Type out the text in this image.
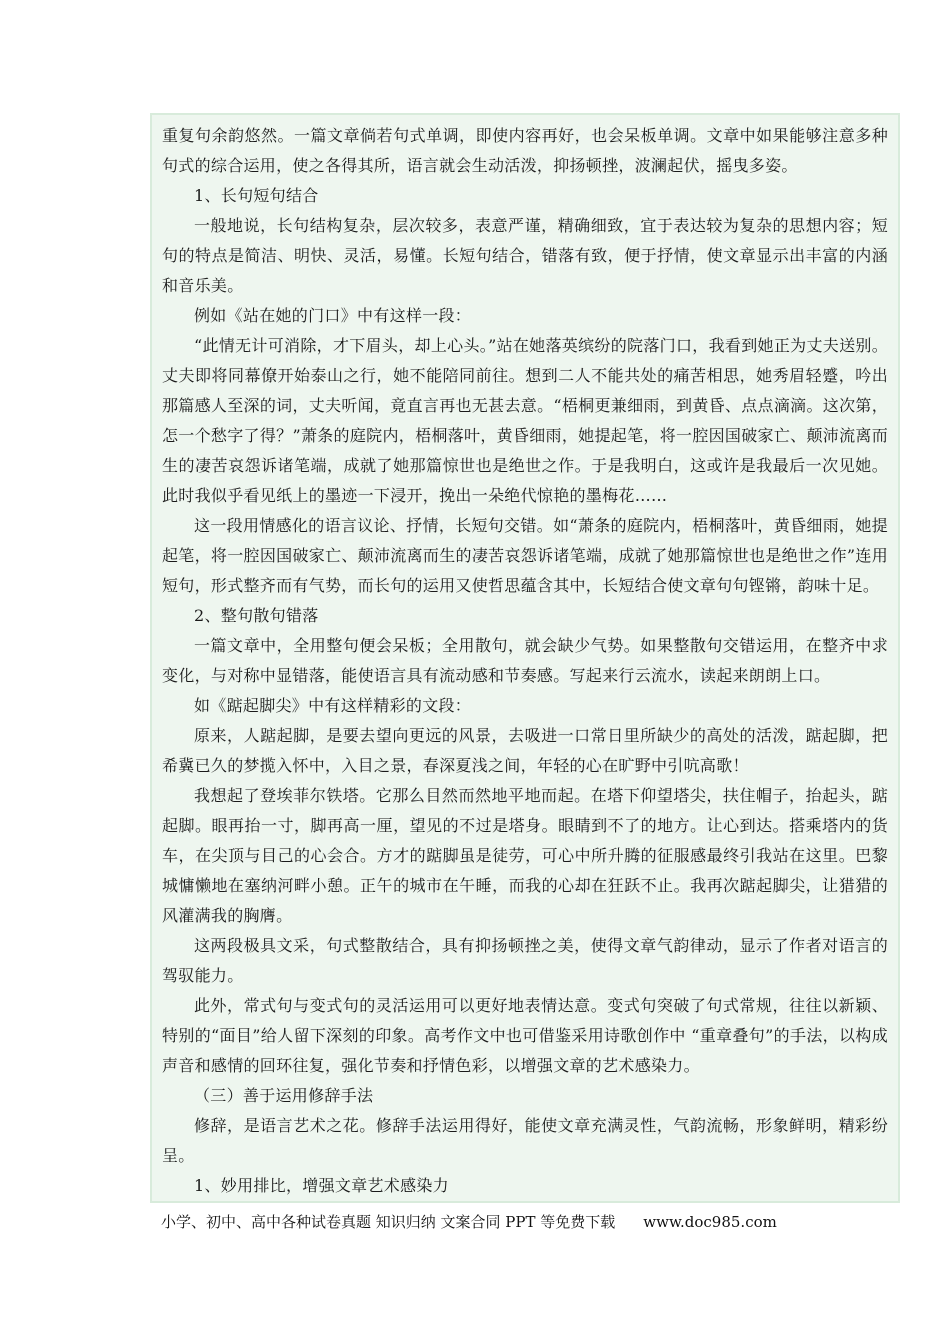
重复句余韵悠然。一篇文章倘若句式单调，即使内容再好，也会呆板单调。文章中如果能够注意多种句式的综合运用，使之各得其所，语言就会生动活泼，抑扬顿挫，波澜起伏，摇曳多姿。

1、长句短句结合

一般地说，长句结构复杂，层次较多，表意严谨，精确细致，宜于表达较为复杂的思想内容；短句的特点是简洁、明快、灵活，易懂。长短句结合，错落有致，便于抒情，使文章显示出丰富的内涵和音乐美。

例如《站在她的门口》中有这样一段：

“此情无计可消除，才下眉头，却上心头。”站在她落英缤纷的院落门口，我看到她正为丈夫送别。丈夫即将同幕僚开始泰山之行，她不能陪同前往。想到二人不能共处的痛苦相思，她秀眉轻蹙，吟出那篇感人至深的词，丈夫听闻，竟直言再也无甚去意。“梧桐更兼细雨，到黄昏、点点滴滴。这次第，怎一个愁字了得？”萧条的庭院内，梧桐落叶，黄昏细雨，她提起笔，将一腔因国破家亡、颠沛流离而生的凄苦哀怨诉诸笔端，成就了她那篇惊世也是绝世之作。于是我明白，这或许是我最后一次见她。此时我似乎看见纸上的墨迹一下浸开，挽出一朵绝代惊艳的墨梅花……

这一段用情感化的语言议论、抒情，长短句交错。如“萧条的庭院内，梧桐落叶，黄昏细雨，她提起笔，将一腔因国破家亡、颠沛流离而生的凄苦哀怨诉诸笔端，成就了她那篇惊世也是绝世之作”连用短句，形式整齐而有气势，而长句的运用又使哲思蕴含其中，长短结合使文章句句铿锵，韵味十足。

2、整句散句错落

一篇文章中，全用整句便会呆板；全用散句，就会缺少气势。如果整散句交错运用，在整齐中求变化，与对称中显错落，能使语言具有流动感和节奏感。写起来行云流水，读起来朗朗上口。

如《踮起脚尖》中有这样精彩的文段：

原来，人踮起脚，是要去望向更远的风景，去吸进一口常日里所缺少的高处的活泼，踮起脚，把希冀已久的梦揽入怀中，入目之景，春深夏浅之间，年轻的心在旷野中引吭高歌！

我想起了登埃菲尔铁塔。它那么目然而然地平地而起。在塔下仰望塔尖，扶住帽子，抬起头，踮起脚。眼再抬一寸，脚再高一厘，望见的不过是塔身。眼睛到不了的地方。让心到达。搭乘塔内的货车，在尖顶与目己的心会合。方才的踮脚虽是徒劳，可心中所升腾的征服感最终引我站在这里。巴黎城慵懒地在塞纳河畔小憩。正午的城市在午睡，而我的心却在狂跃不止。我再次踮起脚尖，让猎猎的风灌满我的胸膺。

这两段极具文采，句式整散结合，具有抑扬顿挫之美，使得文章气韵律动，显示了作者对语言的驾驭能力。

此外，常式句与变式句的灵活运用可以更好地表情达意。变式句突破了句式常规，往往以新颖、特别的“面目”给人留下深刻的印象。高考作文中也可借鉴采用诗歌创作中 “重章叠句”的手法，以构成声音和感情的回环往复，强化节奏和抒情色彩，以增强文章的艺术感染力。

（三）善于运用修辞手法

修辞，是语言艺术之花。修辞手法运用得好，能使文章充满灵性，气韵流畅，形象鲜明，精彩纷呈。

1、妙用排比，增强文章艺术感染力

小学、初中、高中各种试卷真题 知识归纳 文案合同 PPT 等免费下载 www.doc985.com
